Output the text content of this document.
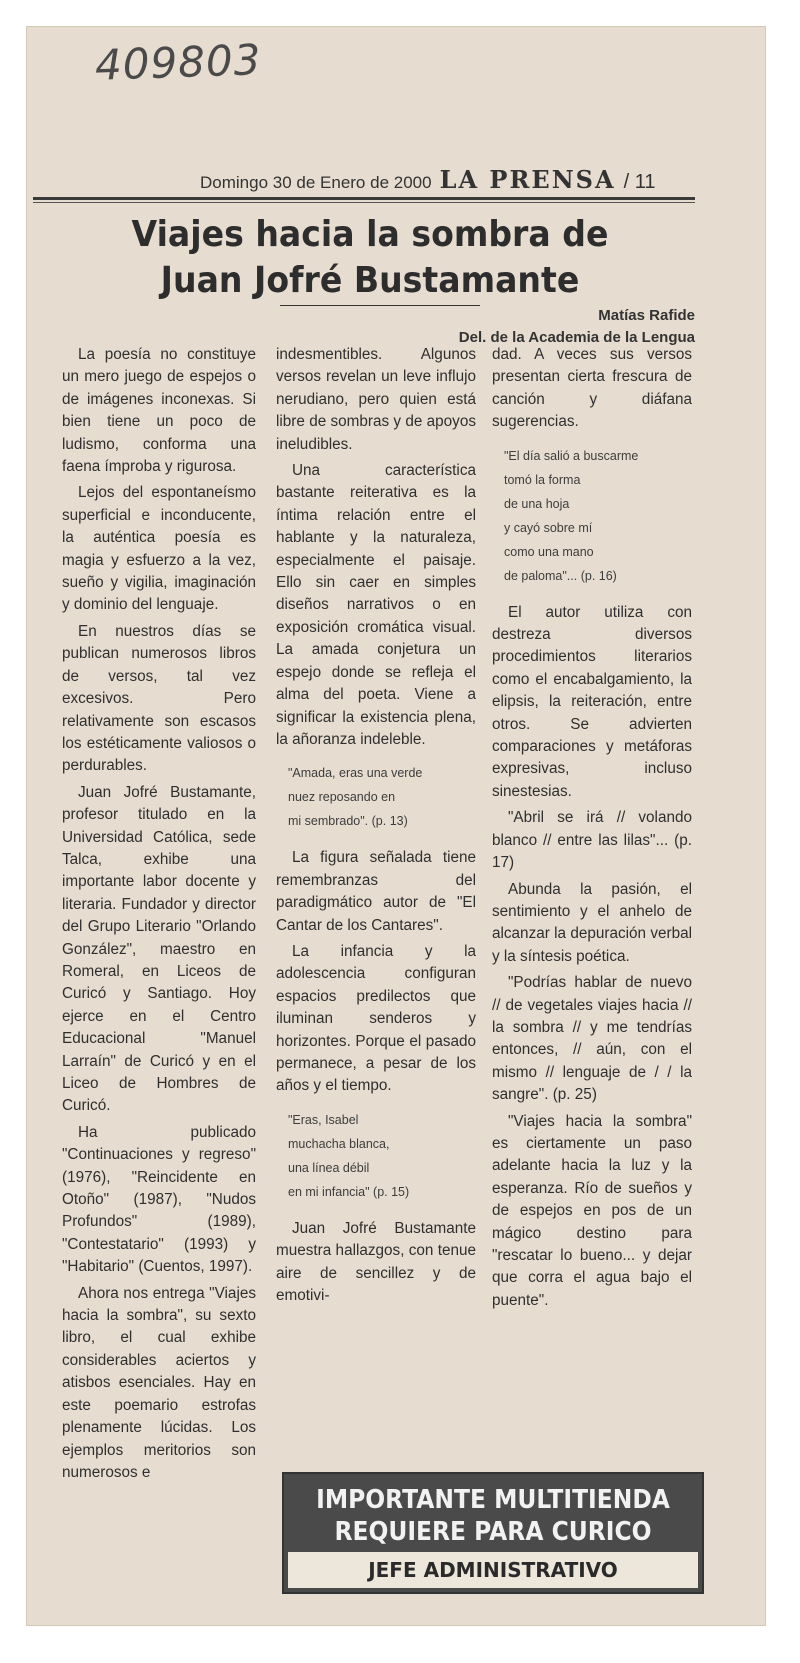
409803
Domingo 30 de Enero de 2000 LA PRENSA / 11
Viajes hacia la sombra de
Juan Jofré Bustamante
Matías Rafide
Del. de la Academia de la Lengua

La poesía no constituye un mero juego de espejos o de imágenes inconexas. Si bien tiene un poco de ludismo, conforma una faena ímproba y rigurosa.

Lejos del espontaneísmo superficial e inconducente, la auténtica poesía es magia y esfuerzo a la vez, sueño y vigilia, imaginación y dominio del lenguaje.

En nuestros días se publican numerosos libros de versos, tal vez excesivos. Pero relativamente son escasos los estéticamente valiosos o perdurables.

Juan Jofré Bustamante, profesor titulado en la Universidad Católica, sede Talca, exhibe una importante labor docente y literaria. Fundador y director del Grupo Literario "Orlando González", maestro en Romeral, en Liceos de Curicó y Santiago. Hoy ejerce en el Centro Educacional "Manuel Larraín" de Curicó y en el Liceo de Hombres de Curicó.

Ha publicado "Continuaciones y regreso" (1976), "Reincidente en Otoño" (1987), "Nudos Profundos" (1989), "Contestatario" (1993) y "Habitario" (Cuentos, 1997).

Ahora nos entrega "Viajes hacia la sombra", su sexto libro, el cual exhibe considerables aciertos y atisbos esenciales. Hay en este poemario estrofas plenamente lúcidas. Los ejemplos meritorios son numerosos e

indesmentibles. Algunos versos revelan un leve influjo nerudiano, pero quien está libre de sombras y de apoyos ineludibles.

Una característica bastante reiterativa es la íntima relación entre el hablante y la naturaleza, especialmente el paisaje. Ello sin caer en simples diseños narrativos o en exposición cromática visual. La amada conjetura un espejo donde se refleja el alma del poeta. Viene a significar la existencia plena, la añoranza indeleble.

"Amada, eras una verde
nuez reposando en
mi sembrado". (p. 13)

La figura señalada tiene remembranzas del paradigmático autor de "El Cantar de los Cantares".

La infancia y la adolescencia configuran espacios predilectos que iluminan senderos y horizontes. Porque el pasado permanece, a pesar de los años y el tiempo.

"Eras, Isabel
muchacha blanca,
una línea débil
en mi infancia" (p. 15)

Juan Jofré Bustamante muestra hallazgos, con tenue aire de sencillez y de emotivi-

dad. A veces sus versos presentan cierta frescura de canción y diáfana sugerencias.

"El día salió a buscarme
tomó la forma
de una hoja
y cayó sobre mí
como una mano
de paloma"... (p. 16)

El autor utiliza con destreza diversos procedimientos literarios como el encabalgamiento, la elipsis, la reiteración, entre otros. Se advierten comparaciones y metáforas expresivas, incluso sinestesias.

"Abril se irá // volando blanco // entre las lilas"... (p. 17)

Abunda la pasión, el sentimiento y el anhelo de alcanzar la depuración verbal y la síntesis poética.

"Podrías hablar de nuevo // de vegetales viajes hacia // la sombra // y me tendrías entonces, // aún, con el mismo // lenguaje de / / la sangre". (p. 25)

"Viajes hacia la sombra" es ciertamente un paso adelante hacia la luz y la esperanza. Río de sueños y de espejos en pos de un mágico destino para "rescatar lo bueno... y dejar que corra el agua bajo el puente".

IMPORTANTE MULTITIENDA
REQUIERE PARA CURICO
JEFE ADMINISTRATIVO
